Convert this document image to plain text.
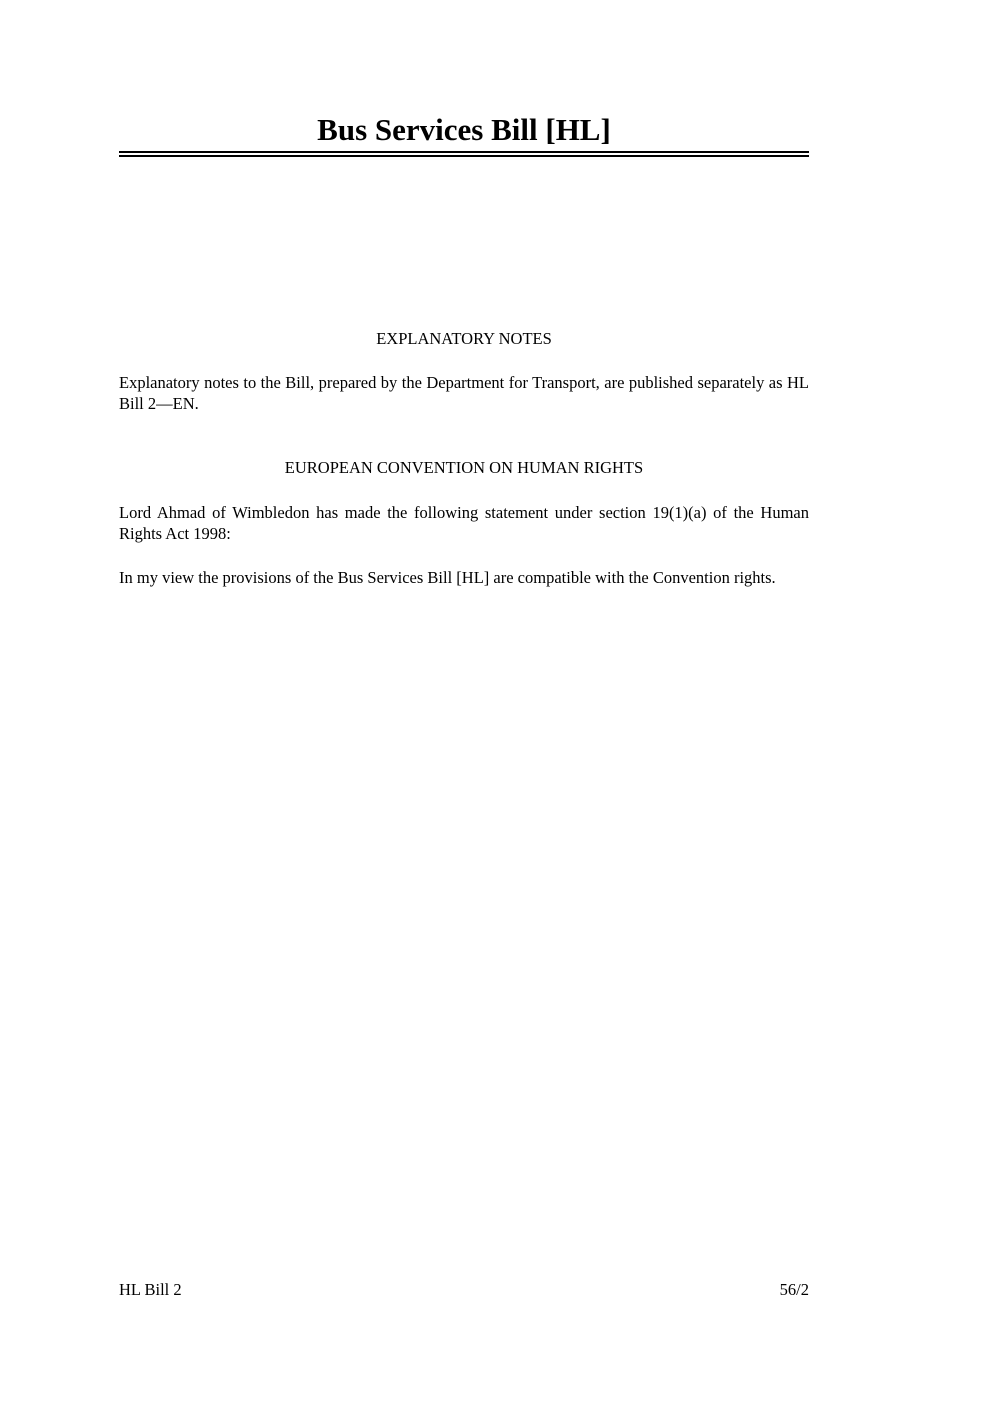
Bus Services Bill [HL]
EXPLANATORY NOTES
Explanatory notes to the Bill, prepared by the Department for Transport, are published separately as HL Bill 2—EN.
EUROPEAN CONVENTION ON HUMAN RIGHTS
Lord Ahmad of Wimbledon has made the following statement under section 19(1)(a) of the Human Rights Act 1998:
In my view the provisions of the Bus Services Bill [HL] are compatible with the Convention rights.
HL Bill 2	56/2
